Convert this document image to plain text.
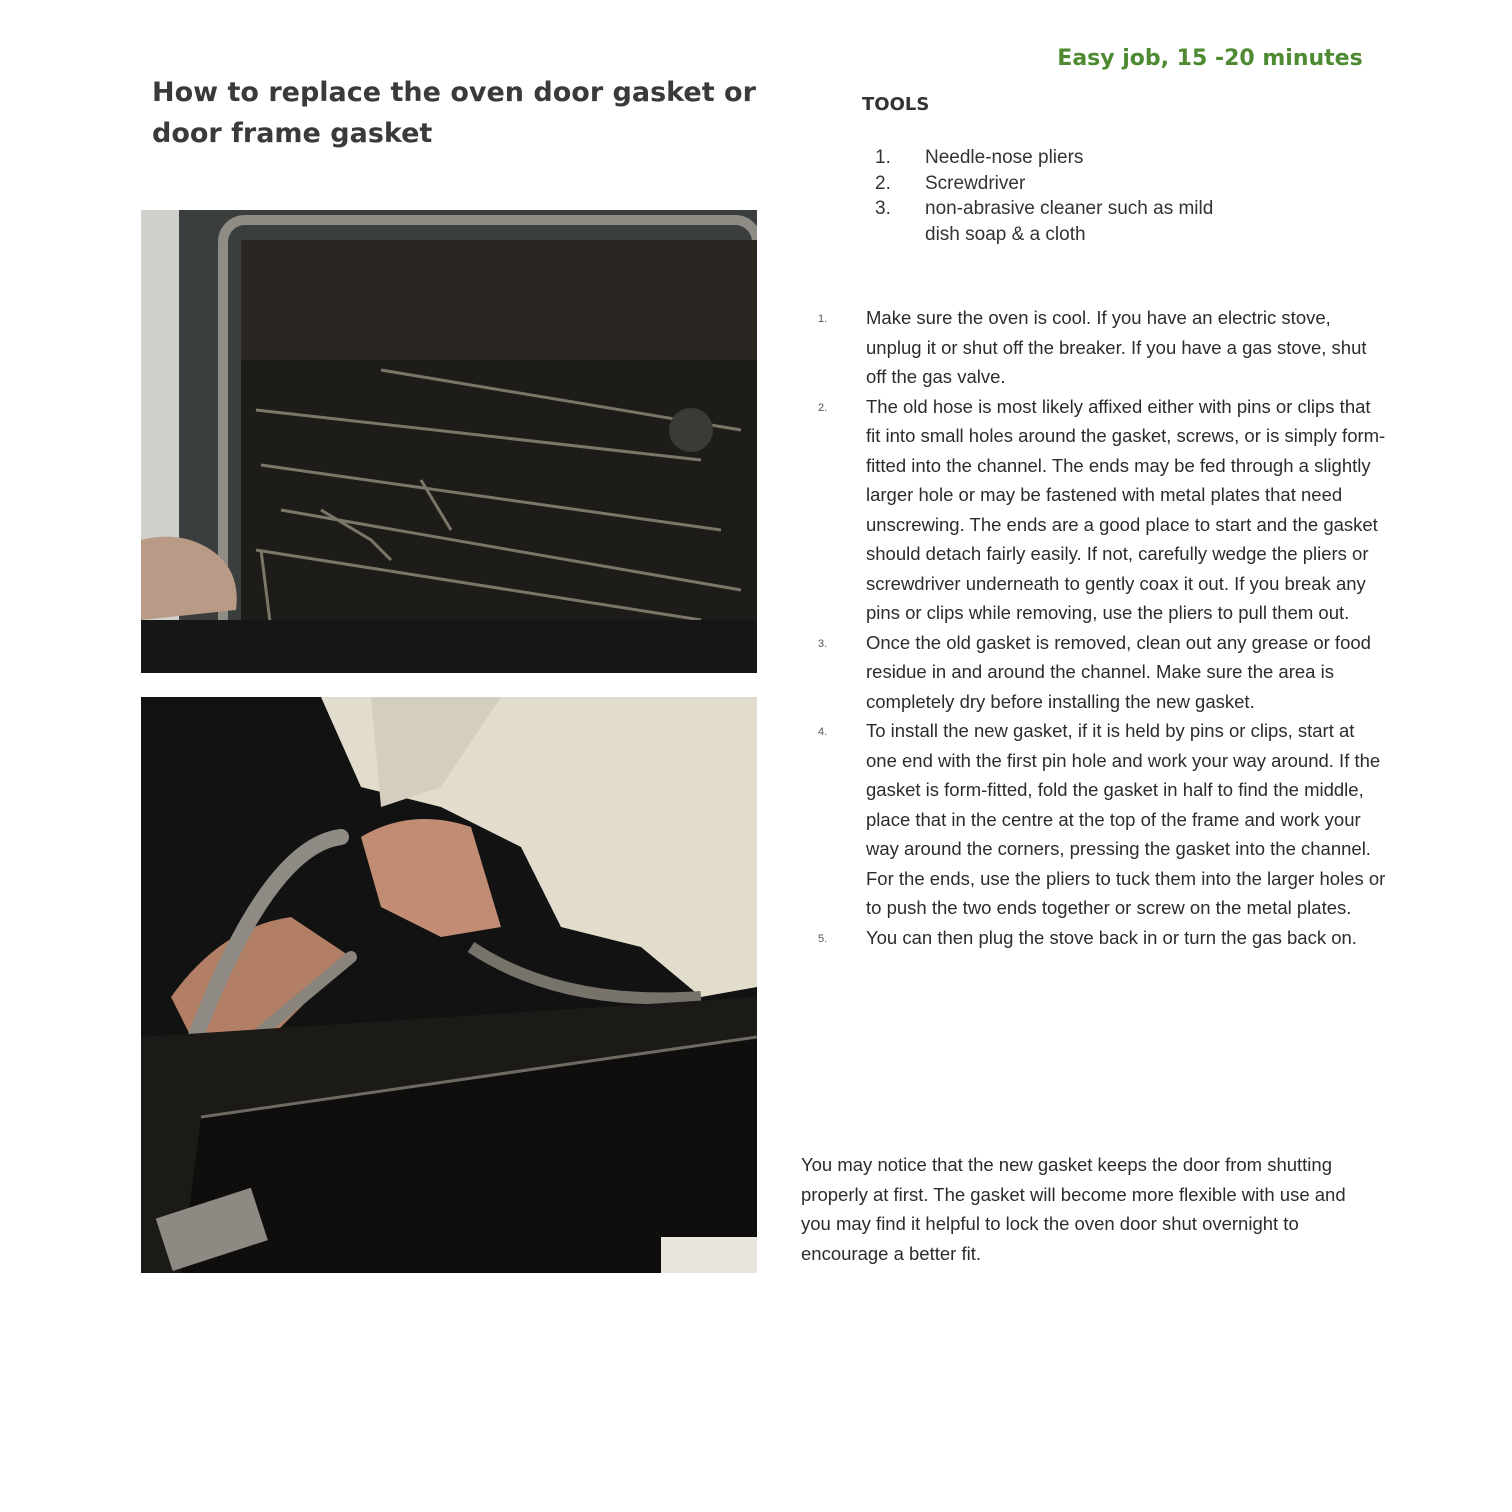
Easy job, 15 -20 minutes
How to replace the oven door gasket or door frame gasket
TOOLS
1.	Needle-nose pliers
2.	Screwdriver
3.	non-abrasive cleaner such as mild dish soap & a cloth
1.	Make sure the oven is cool. If you have an electric stove, unplug it or shut off the breaker. If you have a gas stove, shut off the gas valve.
2.	The old hose is most likely affixed either with pins or clips that fit into small holes around the gasket, screws, or is simply form-fitted into the channel. The ends may be fed through a slightly larger hole or may be fastened with metal plates that need unscrewing. The ends are a good place to start and the gasket should detach fairly easily. If not, carefully wedge the pliers or screwdriver underneath to gently coax it out. If you break any pins or clips while removing, use the pliers to pull them out.
3.	Once the old gasket is removed, clean out any grease or food residue in and around the channel. Make sure the area is completely dry before installing the new gasket.
4.	To install the new gasket, if it is held by pins or clips, start at one end with the first pin hole and work your way around. If the gasket is form-fitted, fold the gasket in half to find the middle, place that in the centre at the top of the frame and work your way around the corners, pressing the gasket into the channel. For the ends, use the pliers to tuck them into the larger holes or to push the two ends together or screw on the metal plates.
5.	You can then plug the stove back in or turn the gas back on.

You may notice that the new gasket keeps the door from shutting properly at first. The gasket will become more flexible with use and you may find it helpful to lock the oven door shut overnight to encourage a better fit.
